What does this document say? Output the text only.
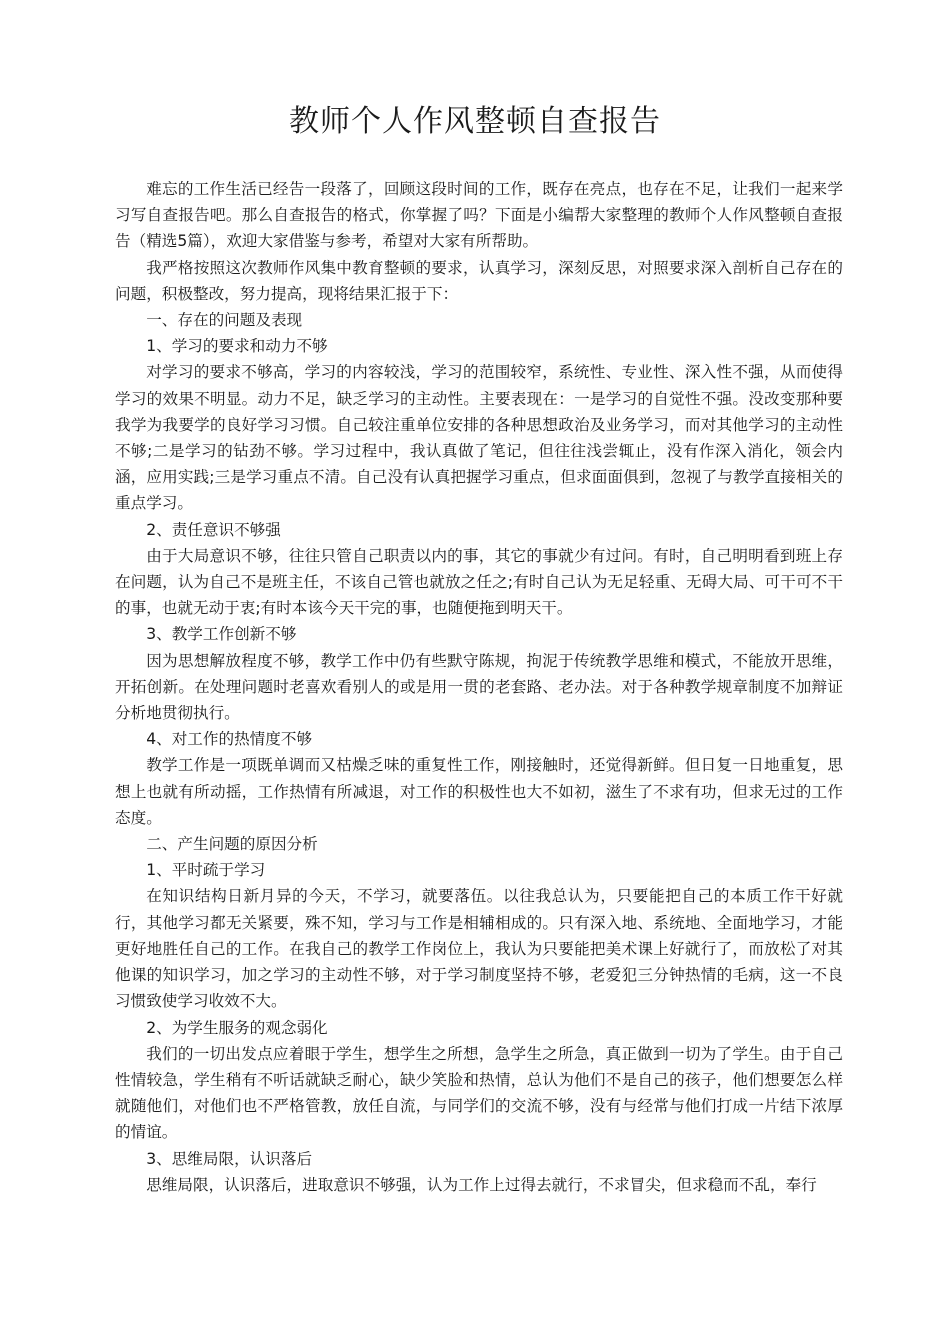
教师个人作风整顿自查报告

难忘的工作生活已经告一段落了，回顾这段时间的工作，既存在亮点，也存在不足，让我们一起来学习写自查报告吧。那么自查报告的格式，你掌握了吗？下面是小编帮大家整理的教师个人作风整顿自查报告（精选5篇），欢迎大家借鉴与参考，希望对大家有所帮助。

我严格按照这次教师作风集中教育整顿的要求，认真学习，深刻反思，对照要求深入剖析自己存在的问题，积极整改，努力提高，现将结果汇报于下：

一、存在的问题及表现

1、学习的要求和动力不够

对学习的要求不够高，学习的内容较浅，学习的范围较窄，系统性、专业性、深入性不强，从而使得学习的效果不明显。动力不足，缺乏学习的主动性。主要表现在：一是学习的自觉性不强。没改变那种要我学为我要学的良好学习习惯。自己较注重单位安排的各种思想政治及业务学习，而对其他学习的主动性不够;二是学习的钻劲不够。学习过程中，我认真做了笔记，但往往浅尝辄止，没有作深入消化，领会内涵，应用实践;三是学习重点不清。自己没有认真把握学习重点，但求面面俱到，忽视了与教学直接相关的重点学习。

2、责任意识不够强

由于大局意识不够，往往只管自己职责以内的事，其它的事就少有过问。有时，自己明明看到班上存在问题，认为自己不是班主任，不该自己管也就放之任之;有时自己认为无足轻重、无碍大局、可干可不干的事，也就无动于衷;有时本该今天干完的事，也随便拖到明天干。

3、教学工作创新不够

因为思想解放程度不够，教学工作中仍有些默守陈规，拘泥于传统教学思维和模式，不能放开思维，开拓创新。在处理问题时老喜欢看别人的或是用一贯的老套路、老办法。对于各种教学规章制度不加辩证分析地贯彻执行。

4、对工作的热情度不够

教学工作是一项既单调而又枯燥乏味的重复性工作，刚接触时，还觉得新鲜。但日复一日地重复，思想上也就有所动摇，工作热情有所减退，对工作的积极性也大不如初，滋生了不求有功，但求无过的工作态度。

二、产生问题的原因分析

1、平时疏于学习

在知识结构日新月异的今天，不学习，就要落伍。以往我总认为，只要能把自己的本质工作干好就行，其他学习都无关紧要，殊不知，学习与工作是相辅相成的。只有深入地、系统地、全面地学习，才能更好地胜任自己的工作。在我自己的教学工作岗位上，我认为只要能把美术课上好就行了，而放松了对其他课的知识学习，加之学习的主动性不够，对于学习制度坚持不够，老爱犯三分钟热情的毛病，这一不良习惯致使学习收效不大。

2、为学生服务的观念弱化

我们的一切出发点应着眼于学生，想学生之所想，急学生之所急，真正做到一切为了学生。由于自己性情较急，学生稍有不听话就缺乏耐心，缺少笑脸和热情，总认为他们不是自己的孩子，他们想要怎么样就随他们，对他们也不严格管教，放任自流，与同学们的交流不够，没有与经常与他们打成一片结下浓厚的情谊。

3、思维局限，认识落后

思维局限，认识落后，进取意识不够强，认为工作上过得去就行，不求冒尖，但求稳而不乱，奉行
